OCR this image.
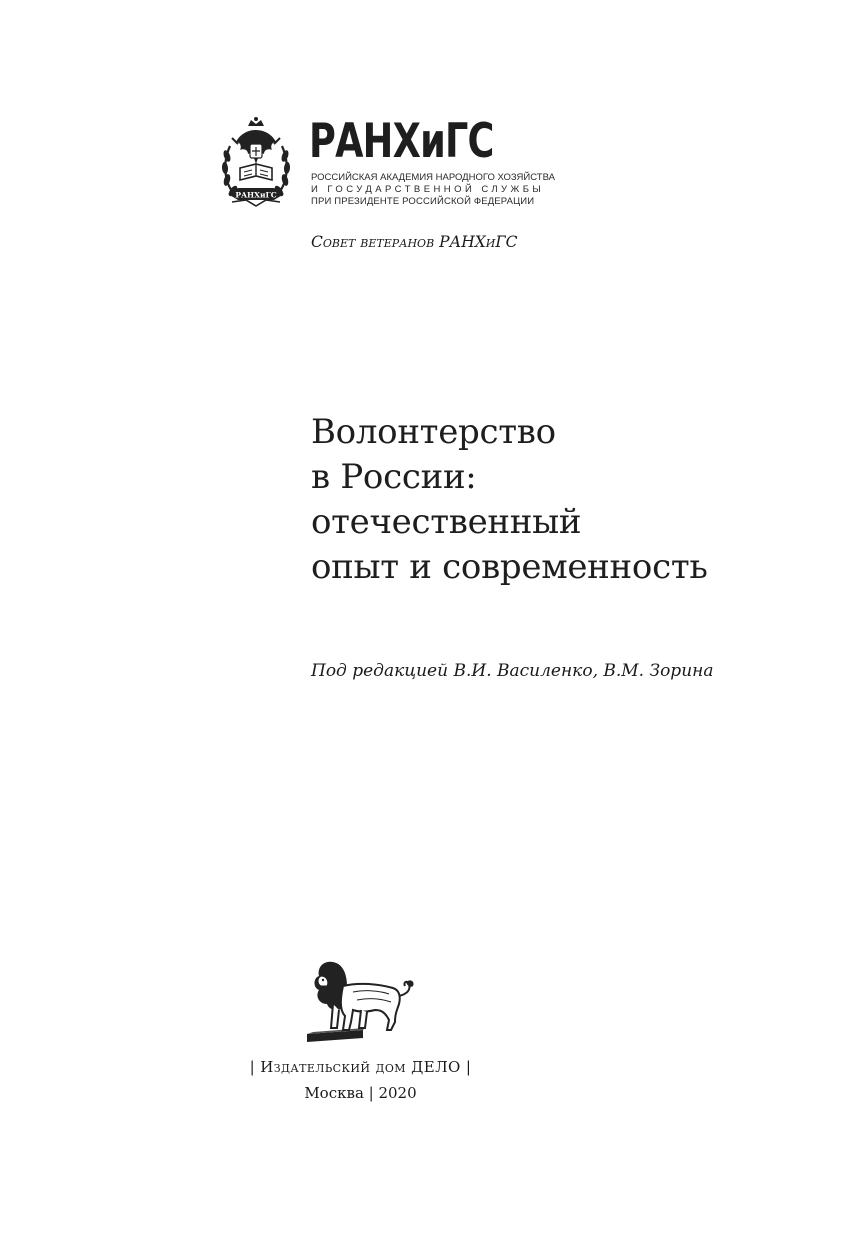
РАНХиГС
РАНХиГС
РОССИЙСКАЯ АКАДЕМИЯ НАРОДНОГО ХОЗЯЙСТВА
И ГОСУДАРСТВЕННОЙ СЛУЖБЫ
ПРИ ПРЕЗИДЕНТЕ РОССИЙСКОЙ ФЕДЕРАЦИИ
Совет ветеранов РАНХиГС
Волонтерство
в России:
отечественный
опыт и современность
Под редакцией В.И. Василенко, В.М. Зорина
| Издательский дом ДЕЛО |
Москва | 2020
